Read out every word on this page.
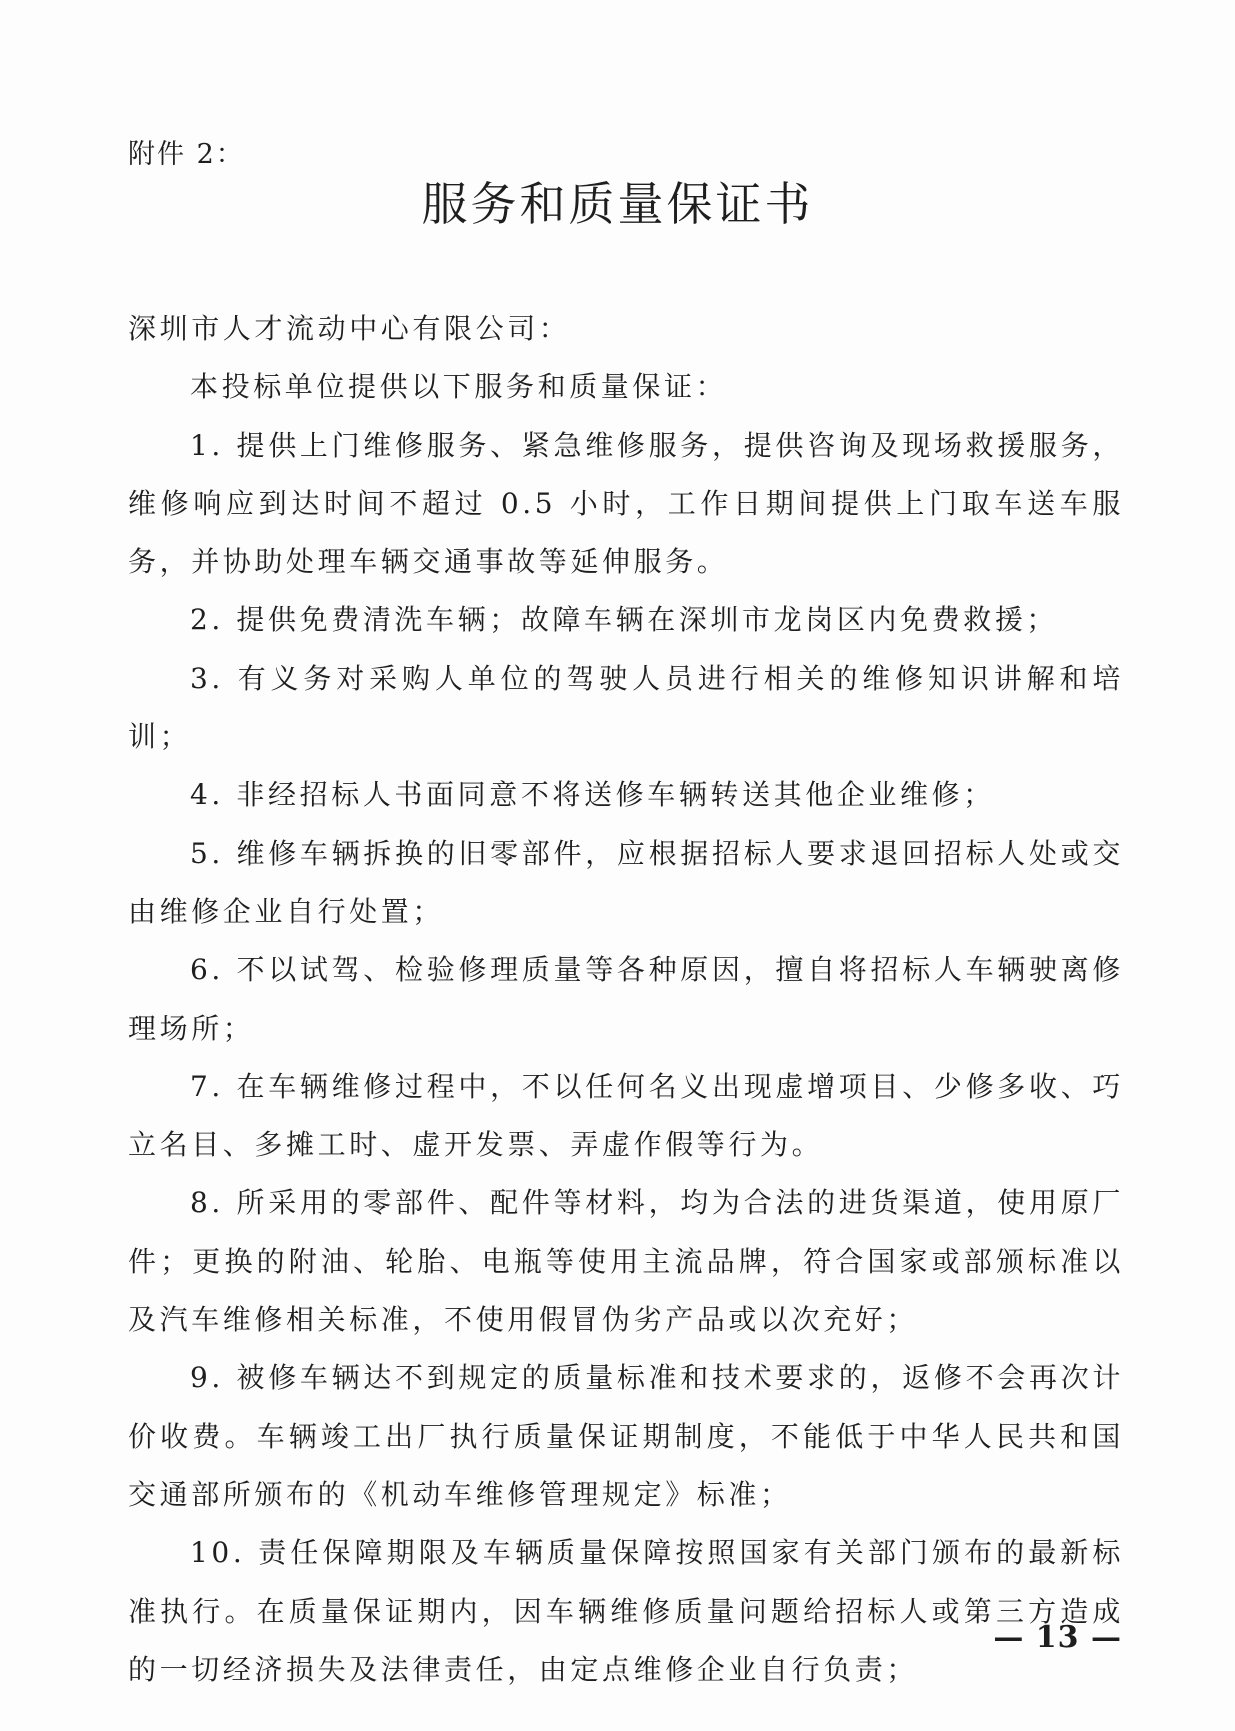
附件 2：
服务和质量保证书

深圳市人才流动中心有限公司：

本投标单位提供以下服务和质量保证：

1. 提供上门维修服务、紧急维修服务，提供咨询及现场救援服务，维修响应到达时间不超过 0.5 小时，工作日期间提供上门取车送车服务，并协助处理车辆交通事故等延伸服务。

2. 提供免费清洗车辆；故障车辆在深圳市龙岗区内免费救援；

3. 有义务对采购人单位的驾驶人员进行相关的维修知识讲解和培训；

4. 非经招标人书面同意不将送修车辆转送其他企业维修；

5. 维修车辆拆换的旧零部件，应根据招标人要求退回招标人处或交由维修企业自行处置；

6. 不以试驾、检验修理质量等各种原因，擅自将招标人车辆驶离修理场所；

7. 在车辆维修过程中，不以任何名义出现虚增项目、少修多收、巧立名目、多摊工时、虚开发票、弄虚作假等行为。

8. 所采用的零部件、配件等材料，均为合法的进货渠道，使用原厂件；更换的附油、轮胎、电瓶等使用主流品牌，符合国家或部颁标准以及汽车维修相关标准，不使用假冒伪劣产品或以次充好；

9. 被修车辆达不到规定的质量标准和技术要求的，返修不会再次计价收费。车辆竣工出厂执行质量保证期制度，不能低于中华人民共和国交通部所颁布的《机动车维修管理规定》标准；

10. 责任保障期限及车辆质量保障按照国家有关部门颁布的最新标准执行。在质量保证期内，因车辆维修质量问题给招标人或第三方造成的一切经济损失及法律责任，由定点维修企业自行负责；

— 13 —
